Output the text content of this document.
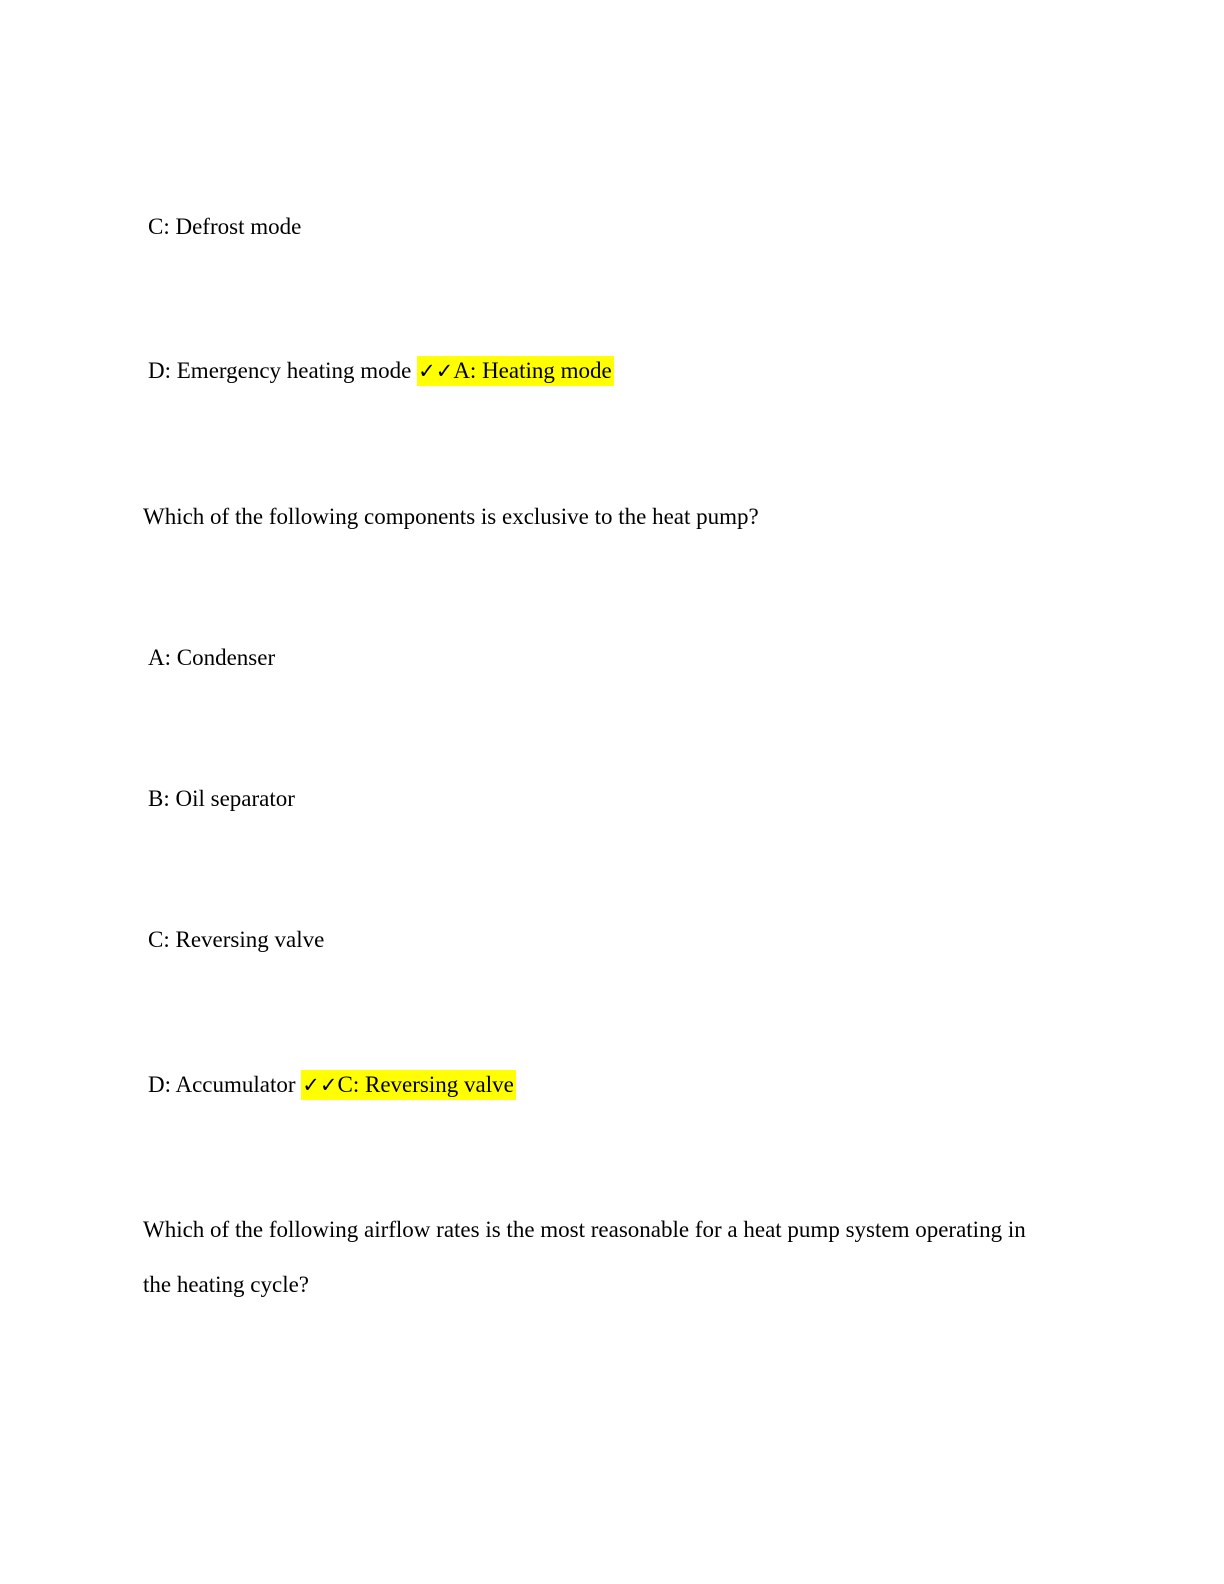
C: Defrost mode
D: Emergency heating mode ✓✓A: Heating mode
Which of the following components is exclusive to the heat pump?
A: Condenser
B: Oil separator
C: Reversing valve
D: Accumulator ✓✓C: Reversing valve
Which of the following airflow rates is the most reasonable for a heat pump system operating in
the heating cycle?
